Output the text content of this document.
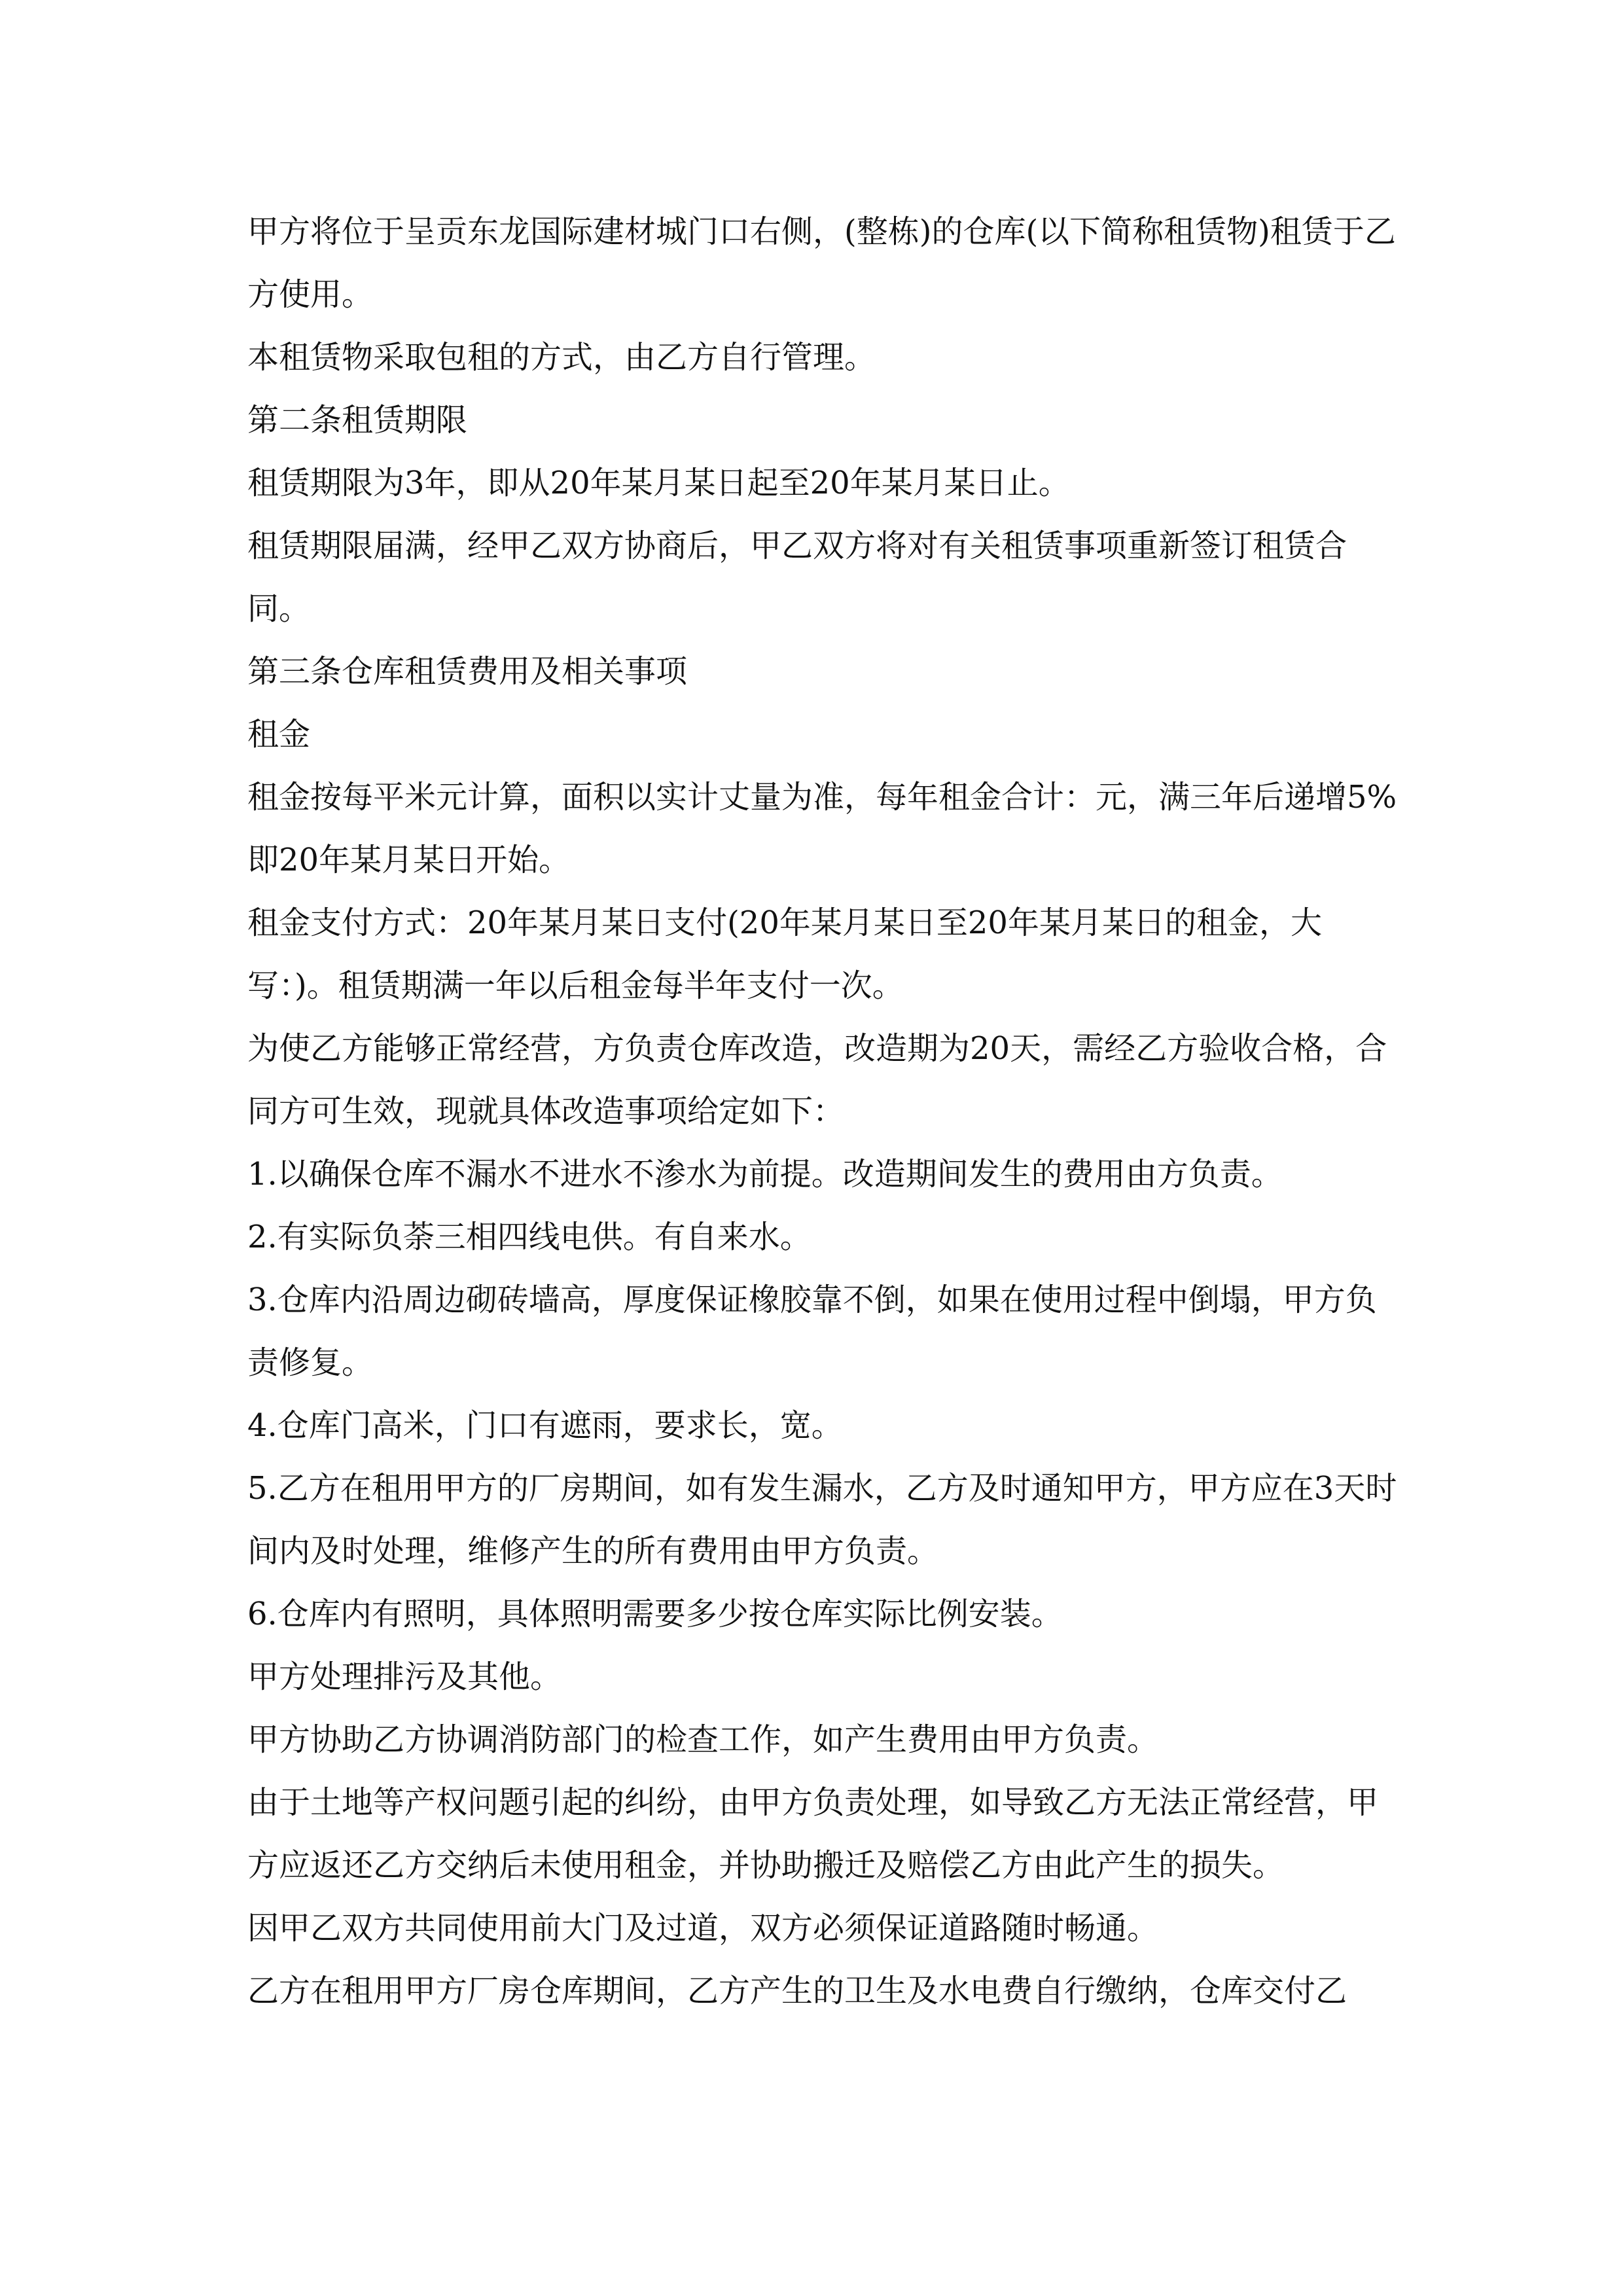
甲方将位于呈贡东龙国际建材城门口右侧，(整栋)的仓库(以下简称租赁物)租赁于乙方使用。

本租赁物采取包租的方式，由乙方自行管理。

第二条租赁期限

租赁期限为3年，即从20年某月某日起至20年某月某日止。

租赁期限届满，经甲乙双方协商后，甲乙双方将对有关租赁事项重新签订租赁合同。

第三条仓库租赁费用及相关事项

租金

租金按每平米元计算，面积以实计丈量为准，每年租金合计：元，满三年后递增5%即20年某月某日开始。

租金支付方式：20年某月某日支付(20年某月某日至20年某月某日的租金，大写：)。租赁期满一年以后租金每半年支付一次。

为使乙方能够正常经营，方负责仓库改造，改造期为20天，需经乙方验收合格，合同方可生效，现就具体改造事项给定如下：

1.以确保仓库不漏水不进水不渗水为前提。改造期间发生的费用由方负责。

2.有实际负荼三相四线电供。有自来水。

3.仓库内沿周边砌砖墙高，厚度保证橡胶靠不倒，如果在使用过程中倒塌，甲方负责修复。

4.仓库门高米，门口有遮雨，要求长，宽。

5.乙方在租用甲方的厂房期间，如有发生漏水，乙方及时通知甲方，甲方应在3天时间内及时处理，维修产生的所有费用由甲方负责。

6.仓库内有照明，具体照明需要多少按仓库实际比例安装。

甲方处理排污及其他。

甲方协助乙方协调消防部门的检查工作，如产生费用由甲方负责。

由于土地等产权问题引起的纠纷，由甲方负责处理，如导致乙方无法正常经营，甲方应返还乙方交纳后未使用租金，并协助搬迁及赔偿乙方由此产生的损失。

因甲乙双方共同使用前大门及过道，双方必须保证道路随时畅通。

乙方在租用甲方厂房仓库期间，乙方产生的卫生及水电费自行缴纳，仓库交付乙
